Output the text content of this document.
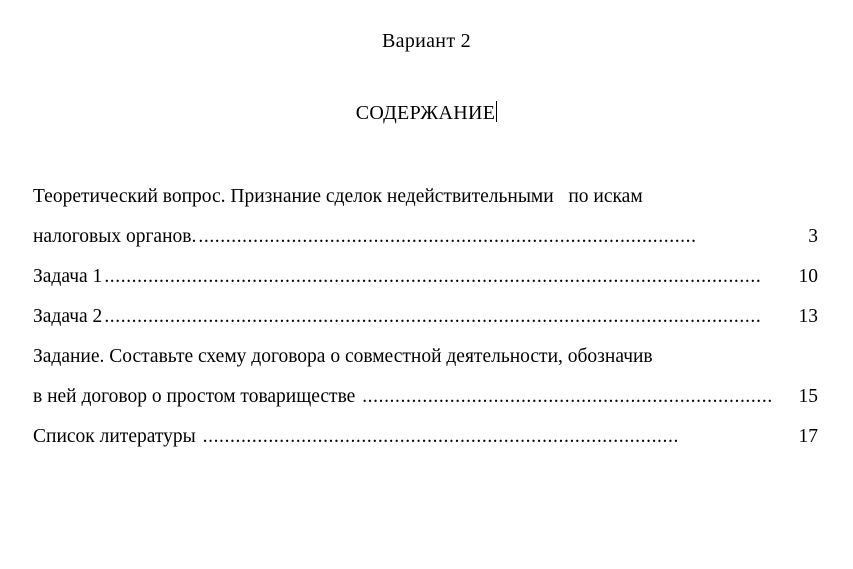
Вариант 2
СОДЕРЖАНИЕ
Теоретический вопрос. Признание сделок недействительными   по искам
налоговых органов. ...........................................................................................	3
Задача 1 ........................................................................................................................	10
Задача 2 ........................................................................................................................	13
Задание. Составьте схему договора о совместной деятельности, обозначив
в ней договор о простом товариществе ...........................................................................	15
Список литературы .......................................................................................	17
